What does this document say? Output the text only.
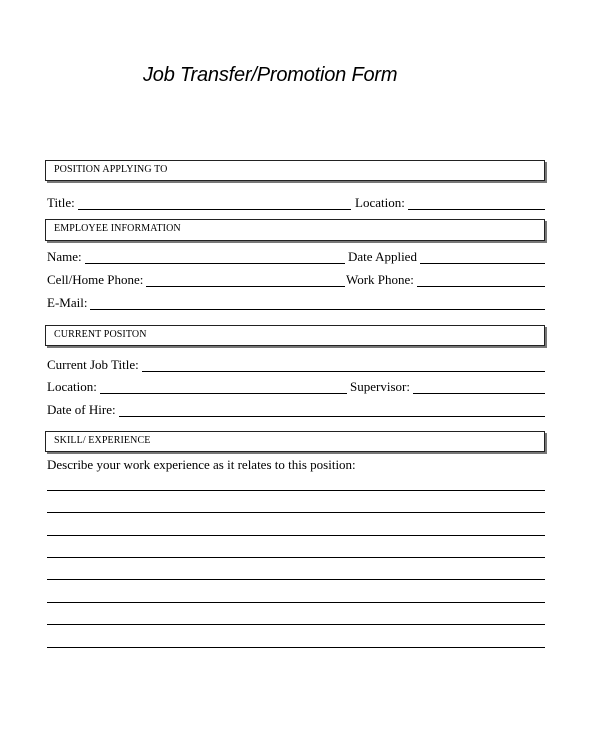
Job Transfer/Promotion Form
POSITION APPLYING TO
Title:	Location:
EMPLOYEE INFORMATION
Name:	Date Applied
Cell/Home Phone:	Work Phone:
E-Mail:
CURRENT POSITON
Current Job Title:
Location:	Supervisor:
Date of Hire:
SKILL/ EXPERIENCE
Describe your work experience as it relates to this position:
